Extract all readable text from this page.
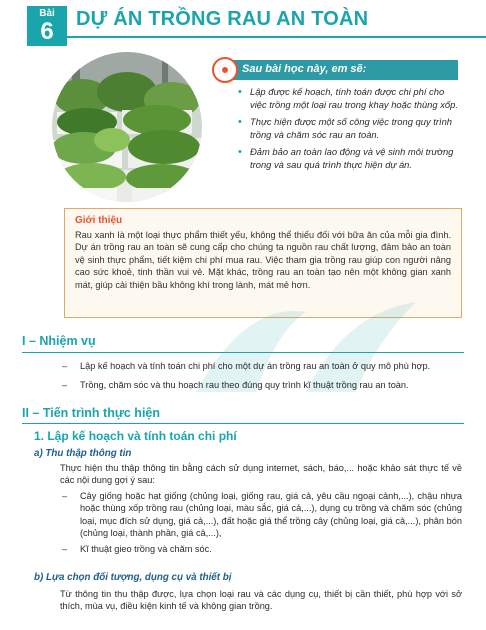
Bài
6	DỰ ÁN TRỒNG RAU AN TOÀN
Sau bài học này, em sẽ:
• Lập được kế hoạch, tính toán được chi phí cho việc trồng một loại rau trong khay hoặc thùng xốp.
• Thực hiện được một số công việc trong quy trình trồng và chăm sóc rau an toàn.
• Đảm bảo an toàn lao động và vệ sinh môi trường trong và sau quá trình thực hiện dự án.
Giới thiệu
Rau xanh là một loại thực phẩm thiết yếu, không thể thiếu đối với bữa ăn của mỗi gia đình. Dự án trồng rau an toàn sẽ cung cấp cho chúng ta nguồn rau chất lượng, đảm bảo an toàn vệ sinh thực phẩm, tiết kiệm chi phí mua rau. Việc tham gia trồng rau giúp con người nâng cao sức khoẻ, tinh thần vui vẻ. Mặt khác, trồng rau an toàn tạo nên một không gian xanh mát, giúp cải thiện bầu không khí trong lành, mát mẻ hơn.
I – Nhiệm vụ
– Lập kế hoạch và tính toán chi phí cho một dự án trồng rau an toàn ở quy mô phù hợp.
– Trồng, chăm sóc và thu hoạch rau theo đúng quy trình kĩ thuật trồng rau an toàn.
II – Tiến trình thực hiện
1. Lập kế hoạch và tính toán chi phí
a) Thu thập thông tin
Thực hiện thu thập thông tin bằng cách sử dụng internet, sách, báo,... hoặc khảo sát thực tế về các nội dung gợi ý sau:
– Cây giống hoặc hạt giống (chủng loại, giống rau, giá cả, yêu cầu ngoại cảnh,...), chậu nhựa hoặc thùng xốp trồng rau (chủng loại, màu sắc, giá cả,...), dụng cụ trồng và chăm sóc (chủng loại, mục đích sử dụng, giá cả,...), đất hoặc giá thể trồng cây (chủng loại, giá cả,...), phân bón (chủng loại, thành phần, giá cả,...),
– Kĩ thuật gieo trồng và chăm sóc.
b) Lựa chọn đối tượng, dụng cụ và thiết bị
Từ thông tin thu thập được, lựa chọn loại rau và các dụng cụ, thiết bị cần thiết, phù hợp với sở thích, mùa vụ, điều kiện kinh tế và không gian trồng.
